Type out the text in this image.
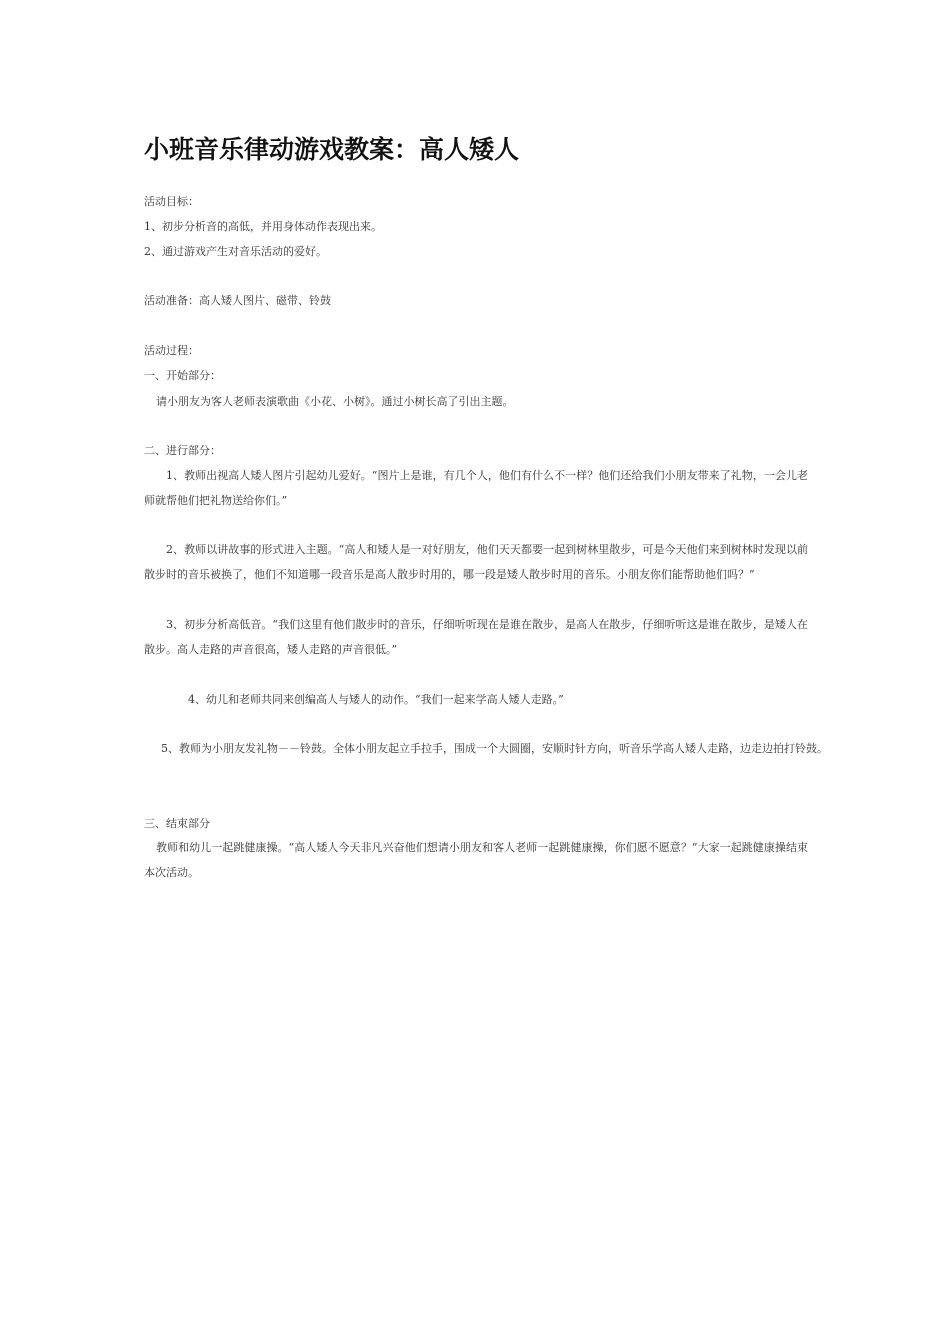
小班音乐律动游戏教案：高人矮人

活动目标：

1、初步分析音的高低，并用身体动作表现出来。

2、通过游戏产生对音乐活动的爱好。

活动准备：高人矮人图片、磁带、铃鼓

活动过程：

一、开始部分：

请小朋友为客人老师表演歌曲《小花、小树》。通过小树长高了引出主题。

二、进行部分：

1、教师出视高人矮人图片引起幼儿爱好。“图片上是谁，有几个人，他们有什么不一样？他们还给我们小朋友带来了礼物，一会儿老师就帮他们把礼物送给你们。”

2、教师以讲故事的形式进入主题。“高人和矮人是一对好朋友，他们天天都要一起到树林里散步，可是今天他们来到树林时发现以前散步时的音乐被换了，他们不知道哪一段音乐是高人散步时用的，哪一段是矮人散步时用的音乐。小朋友你们能帮助他们吗？”

3、初步分析高低音。“我们这里有他们散步时的音乐，仔细听听现在是谁在散步，是高人在散步，仔细听听这是谁在散步，是矮人在散步。高人走路的声音很高，矮人走路的声音很低。”

4、幼儿和老师共同来创编高人与矮人的动作。“我们一起来学高人矮人走路。”

5、教师为小朋友发礼物－－铃鼓。全体小朋友起立手拉手，围成一个大圆圈，安顺时针方向，听音乐学高人矮人走路，边走边拍打铃鼓。

三、结束部分

教师和幼儿一起跳健康操。“高人矮人今天非凡兴奋他们想请小朋友和客人老师一起跳健康操，你们愿不愿意？”大家一起跳健康操结束本次活动。
